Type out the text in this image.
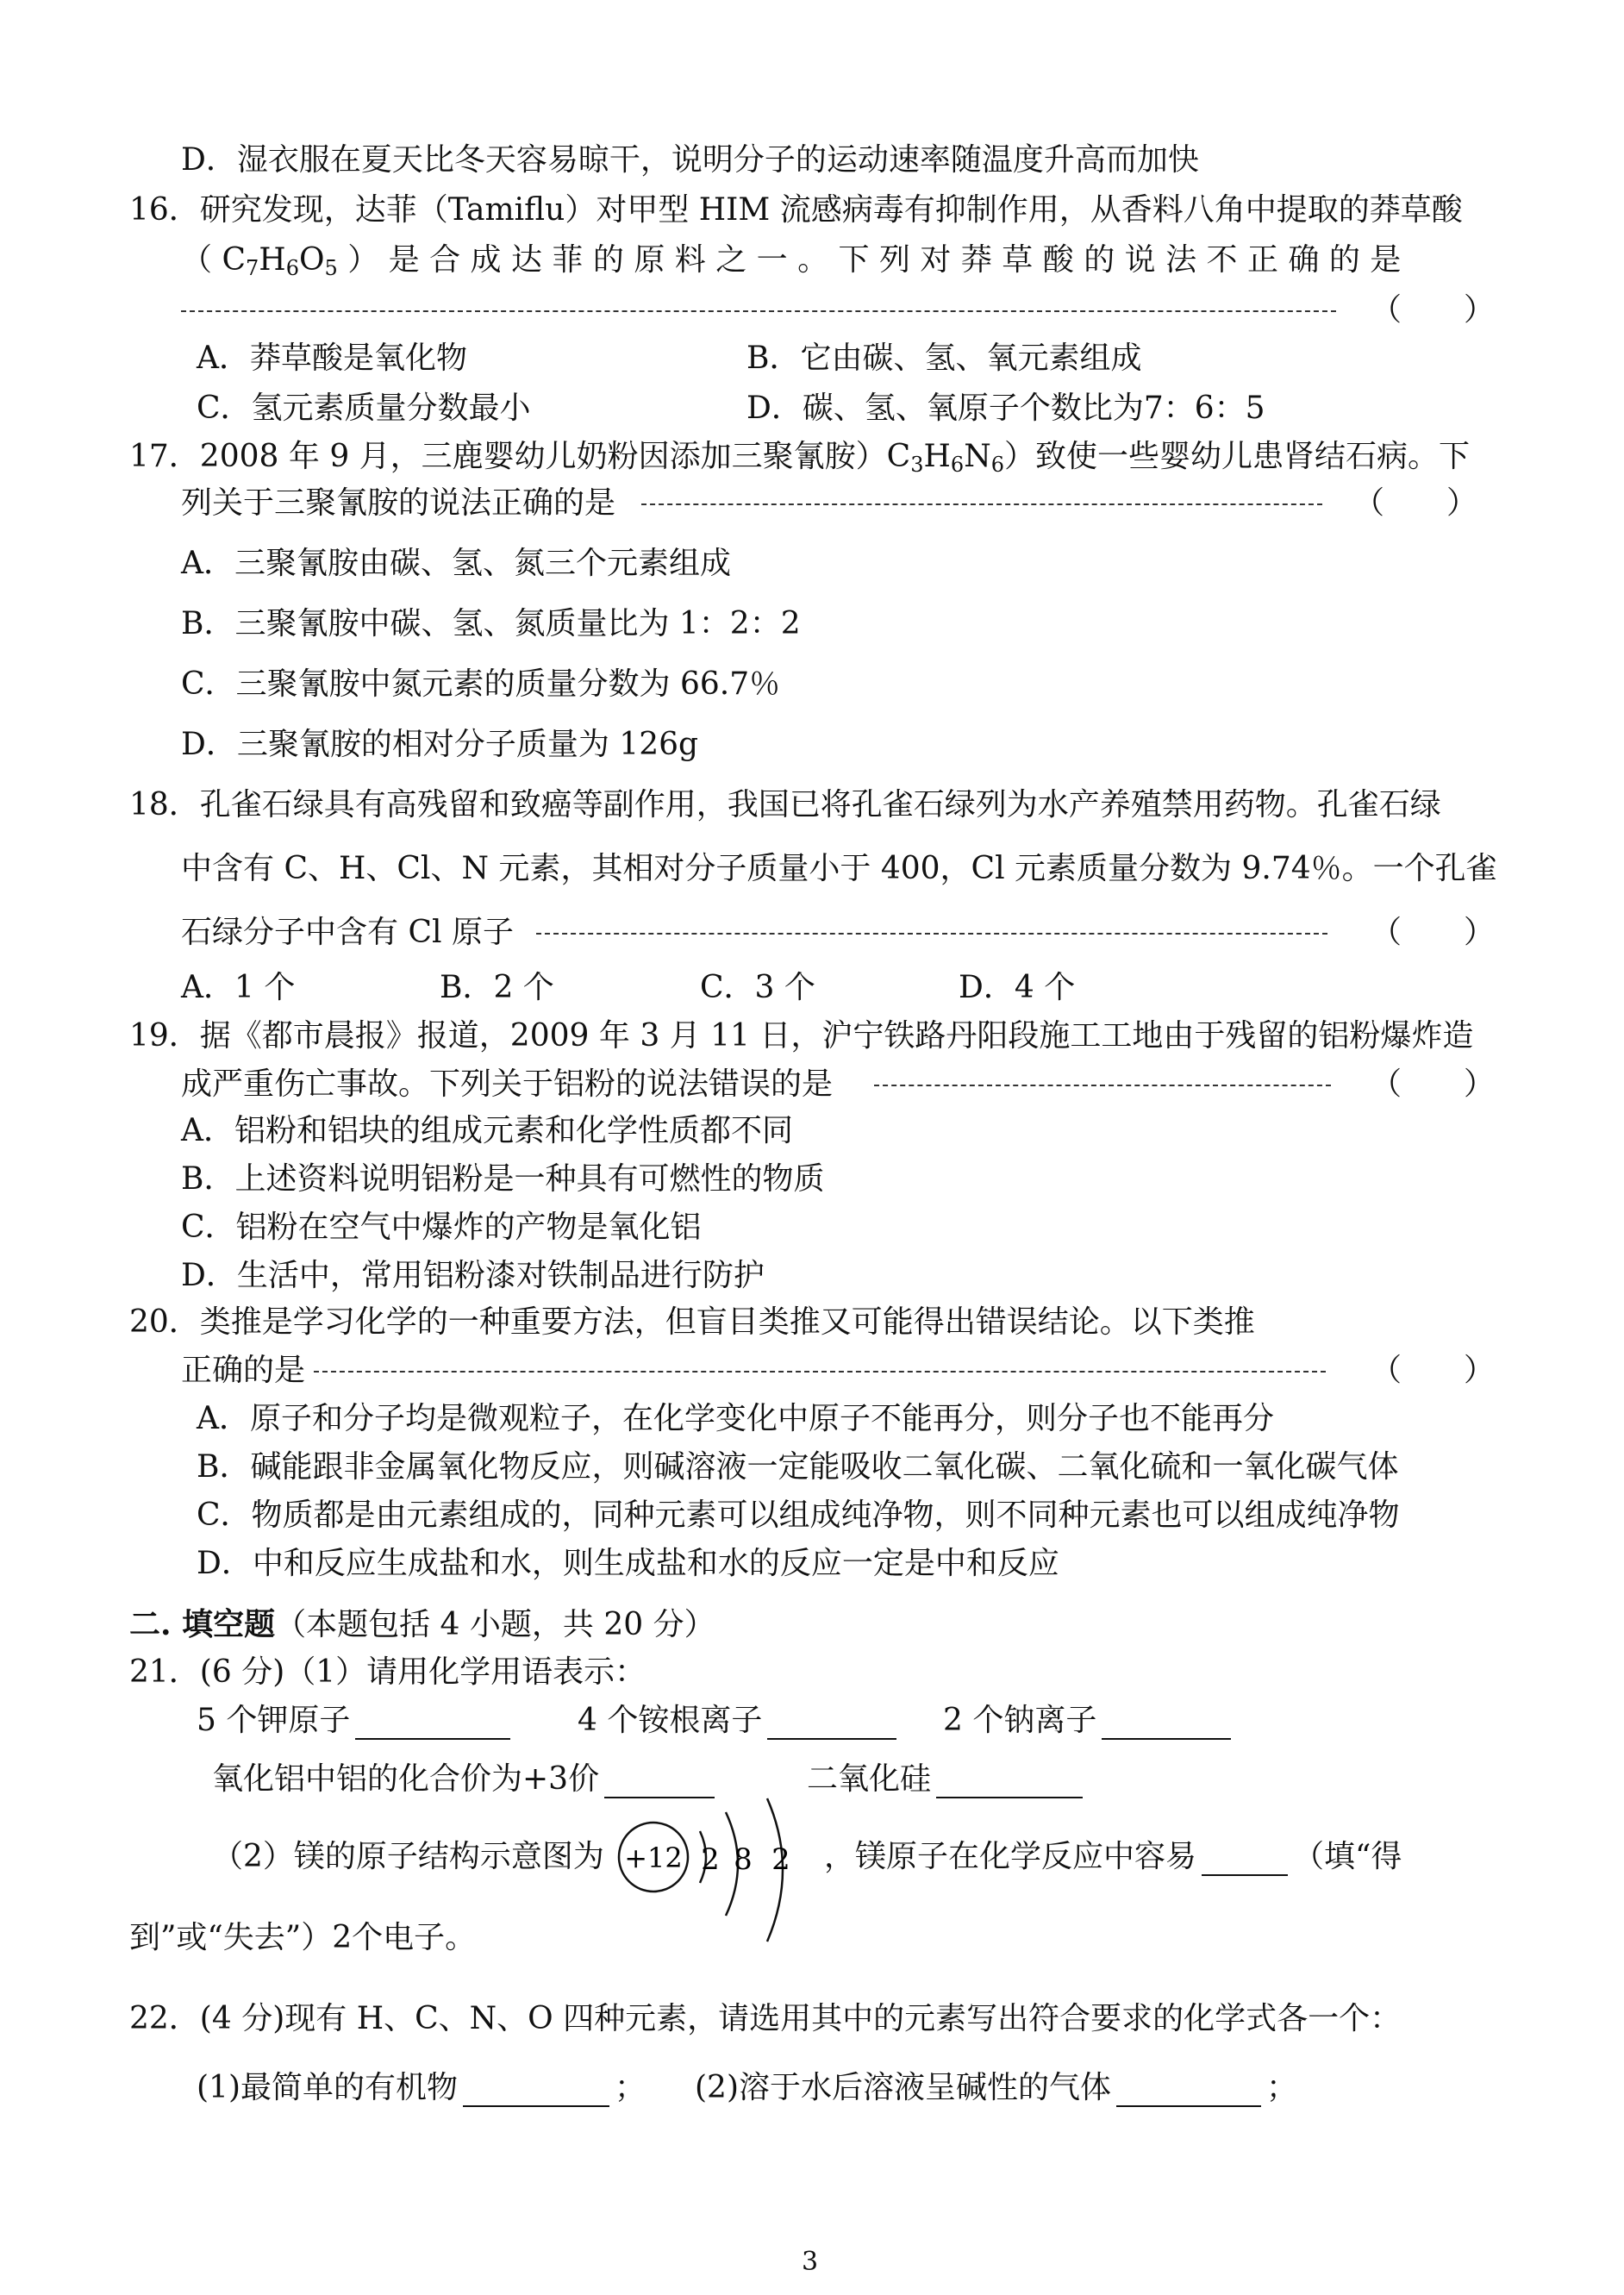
D．湿衣服在夏天比冬天容易晾干，说明分子的运动速率随温度升高而加快
16．研究发现，达菲（Tamiflu）对甲型 HIM 流感病毒有抑制作用，从香料八角中提取的莽草酸
（ $C_7H_6O_5$ ） 是 合 成 达 菲 的 原 料 之 一 。 下 列 对 莽 草 酸 的 说 法 不 正 确 的 是
（　　）
A．莽草酸是氧化物	B．它由碳、氢、氧元素组成
C．氢元素质量分数最小	D．碳、氢、氧原子个数比为7：6：5
17．2008 年 9 月，三鹿婴幼儿奶粉因添加三聚氰胺）$C_3H_6N_6$）致使一些婴幼儿患肾结石病。下
列关于三聚氰胺的说法正确的是	（　　）
A．三聚氰胺由碳、氢、氮三个元素组成
B．三聚氰胺中碳、氢、氮质量比为 1：2：2
C．三聚氰胺中氮元素的质量分数为 66.7％
D．三聚氰胺的相对分子质量为 126g
18．孔雀石绿具有高残留和致癌等副作用，我国已将孔雀石绿列为水产养殖禁用药物。孔雀石绿
中含有 C、H、Cl、N 元素，其相对分子质量小于 400，Cl 元素质量分数为 9.74％。一个孔雀
石绿分子中含有 Cl 原子	（　　）
A．1 个	B．2 个	C．3 个	D．4 个
19．据《都市晨报》报道，2009 年 3 月 11 日，沪宁铁路丹阳段施工工地由于残留的铝粉爆炸造
成严重伤亡事故。下列关于铝粉的说法错误的是	（　　）
A．铝粉和铝块的组成元素和化学性质都不同
B．上述资料说明铝粉是一种具有可燃性的物质
C．铝粉在空气中爆炸的产物是氧化铝
D．生活中，常用铝粉漆对铁制品进行防护
20．类推是学习化学的一种重要方法，但盲目类推又可能得出错误结论。以下类推
正确的是	（　　）
A．原子和分子均是微观粒子，在化学变化中原子不能再分，则分子也不能再分
B．碱能跟非金属氧化物反应，则碱溶液一定能吸收二氧化碳、二氧化硫和一氧化碳气体
C．物质都是由元素组成的，同种元素可以组成纯净物，则不同种元素也可以组成纯净物
D．中和反应生成盐和水，则生成盐和水的反应一定是中和反应
二. 填空题（本题包括 4 小题，共 20 分）
21．(6 分)（1）请用化学用语表示：
5 个钾原子	4 个铵根离子	2 个钠离子
氧化铝中铝的化合价为+3价	二氧化硅
（2）镁的原子结构示意图为 +12 2 8 2 ，镁原子在化学反应中容易	（填“得
到”或“失去”）2个电子。
22．(4 分)现有 H、C、N、O 四种元素，请选用其中的元素写出符合要求的化学式各一个：
(1)最简单的有机物	； (2)溶于水后溶液呈碱性的气体	；
3
